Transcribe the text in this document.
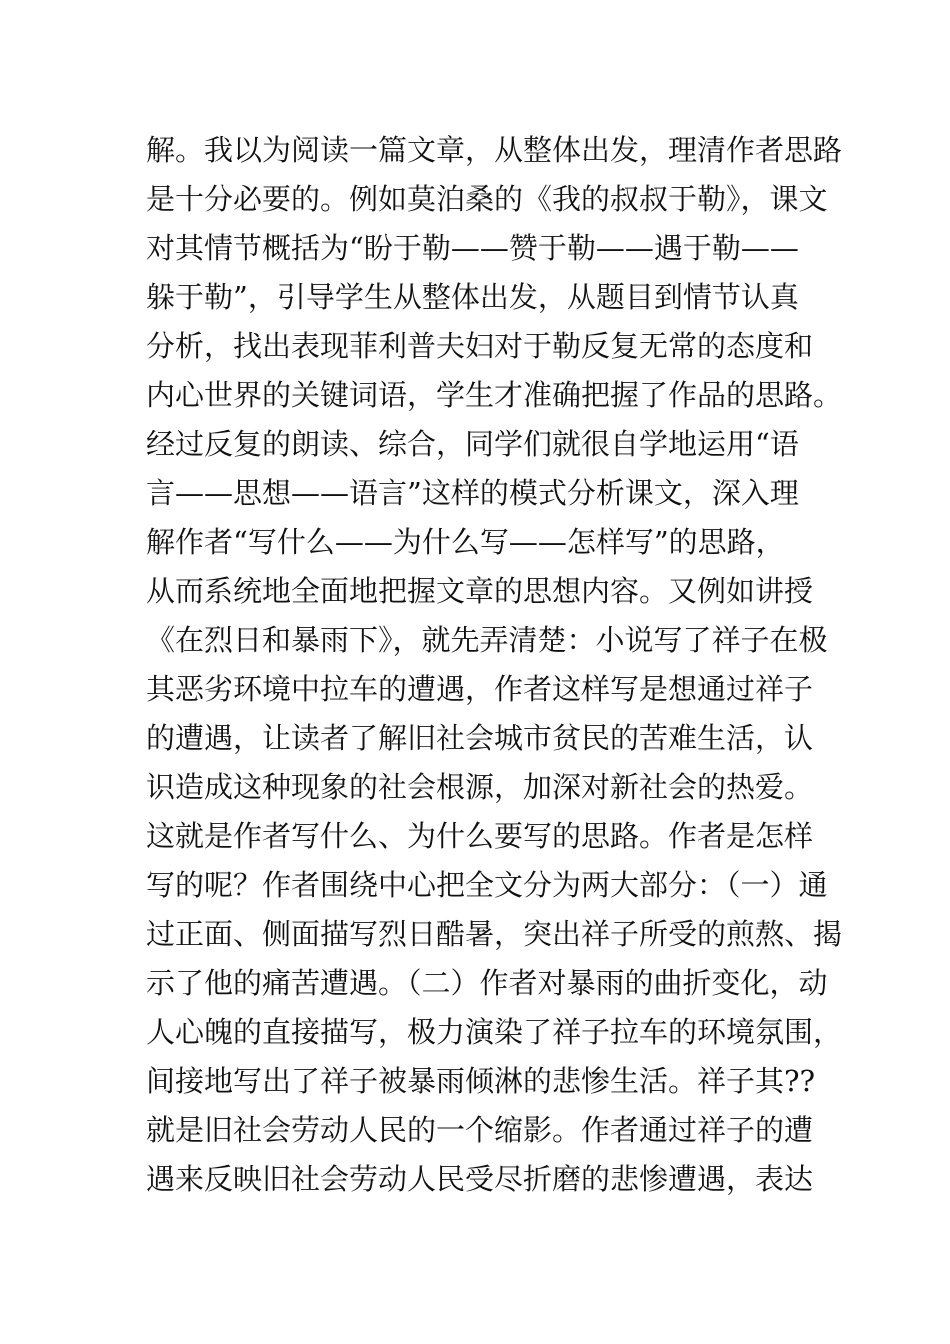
解。我以为阅读一篇文章，从整体出发，理清作者思路
是十分必要的。例如莫泊桑的《我的叔叔于勒》，课文
对其情节概括为“盼于勒——赞于勒——遇于勒——
躲于勒”，引导学生从整体出发，从题目到情节认真
分析，找出表现菲利普夫妇对于勒反复无常的态度和
内心世界的关键词语，学生才准确把握了作品的思路。
经过反复的朗读、综合，同学们就很自学地运用“语
言——思想——语言”这样的模式分析课文，深入理
解作者“写什么——为什么写——怎样写”的思路，
从而系统地全面地把握文章的思想内容。又例如讲授
《在烈日和暴雨下》，就先弄清楚：小说写了祥子在极
其恶劣环境中拉车的遭遇，作者这样写是想通过祥子
的遭遇，让读者了解旧社会城市贫民的苦难生活，认
识造成这种现象的社会根源，加深对新社会的热爱。
这就是作者写什么、为什么要写的思路。作者是怎样
写的呢？作者围绕中心把全文分为两大部分：（一）通
过正面、侧面描写烈日酷暑，突出祥子所受的煎熬、揭
示了他的痛苦遭遇。（二）作者对暴雨的曲折变化，动
人心魄的直接描写，极力演染了祥子拉车的环境氛围，
间接地写出了祥子被暴雨倾淋的悲惨生活。祥子其??
就是旧社会劳动人民的一个缩影。作者通过祥子的遭
遇来反映旧社会劳动人民受尽折磨的悲惨遭遇，表达
